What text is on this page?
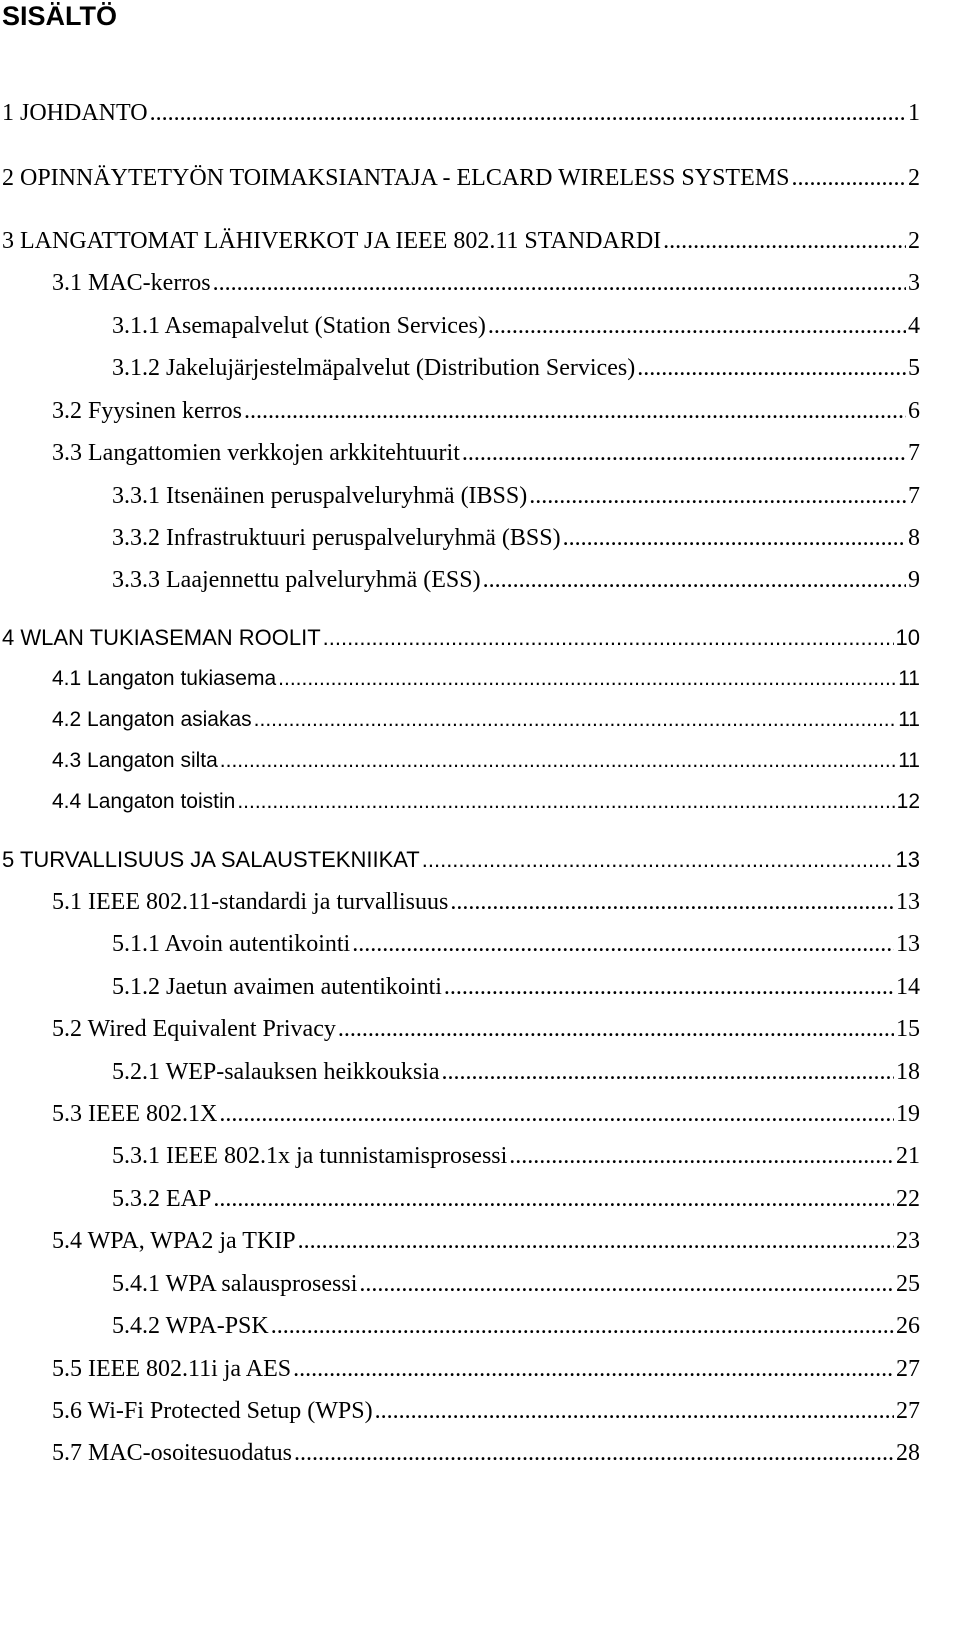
SISÄLTÖ
1 JOHDANTO .....	1
2 OPINNÄYTETYÖN TOIMAKSIANTAJA - ELCARD WIRELESS SYSTEMS .....	2
3 LANGATTOMAT LÄHIVERKOT JA IEEE 802.11 STANDARDI .....	2
3.1 MAC-kerros .....	3
3.1.1 Asemapalvelut (Station Services) .....	4
3.1.2 Jakelujärjestelmäpalvelut (Distribution Services) .....	5
3.2 Fyysinen kerros .....	6
3.3 Langattomien verkkojen arkkitehtuurit .....	7
3.3.1 Itsenäinen peruspalveluryhmä (IBSS) .....	7
3.3.2 Infrastruktuuri peruspalveluryhmä (BSS) .....	8
3.3.3 Laajennettu palveluryhmä (ESS) .....	9
4 WLAN TUKIASEMAN ROOLIT .....	10
4.1 Langaton tukiasema .....	11
4.2 Langaton asiakas .....	11
4.3 Langaton silta .....	11
4.4 Langaton toistin .....	12
5 TURVALLISUUS JA SALAUSTEKNIIKAT .....	13
5.1 IEEE 802.11-standardi ja turvallisuus .....	13
5.1.1 Avoin autentikointi .....	13
5.1.2 Jaetun avaimen autentikointi .....	14
5.2 Wired Equivalent Privacy .....	15
5.2.1 WEP-salauksen heikkouksia .....	18
5.3 IEEE 802.1X .....	19
5.3.1 IEEE 802.1x ja tunnistamisprosessi .....	21
5.3.2 EAP .....	22
5.4 WPA, WPA2 ja TKIP .....	23
5.4.1 WPA salausprosessi .....	25
5.4.2 WPA-PSK .....	26
5.5 IEEE 802.11i ja AES .....	27
5.6 Wi-Fi Protected Setup (WPS) .....	27
5.7 MAC-osoitesuodatus .....	28
